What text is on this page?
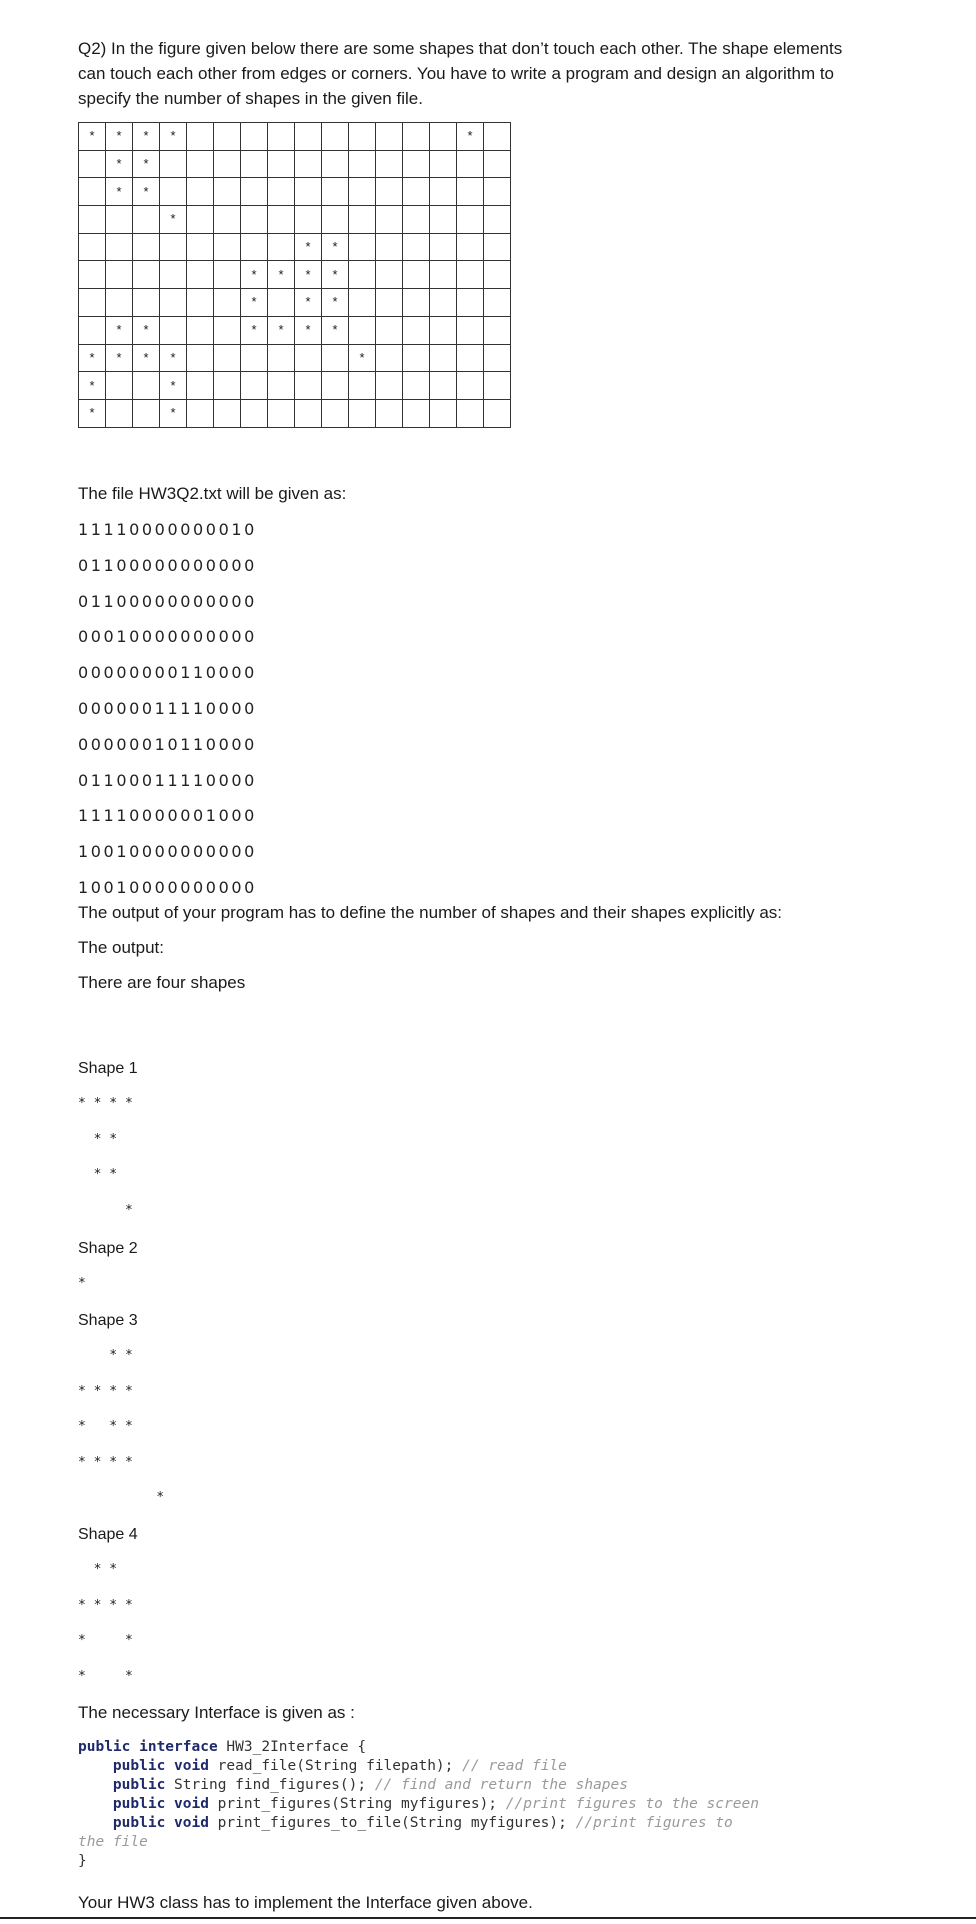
Q2) In the figure given below there are some shapes that don’t touch each other. The shape elements
can touch each other from edges or corners. You have to write a program and design an algorithm to
specify the number of shapes in the given file.
*	*	*	*											*	
	*	*													
	*	*													
			*												
								*	*						
						*	*	*	*						
						*		*	*						
	*	*				*	*	*	*						
*	*	*	*							*					
*			*												
*			*												
The file HW3Q2.txt will be given as:
11110000000010
01100000000000
01100000000000
00010000000000
00000000110000
00000011110000
00000010110000
01100011110000
11110000001000
10010000000000
10010000000000
The output of your program has to define the number of shapes and their shapes explicitly as:
The output:
There are four shapes
Shape 1
* * * *
* *
* *
*
Shape 2
*
Shape 3
* *
* * * *
*   * *
* * * *
*
Shape 4
* *
* * * *
*     *
*     *
The necessary Interface is given as :
public interface HW3_2Interface {
public void read_file(String filepath); // read file
public String find_figures(); // find and return the shapes
public void print_figures(String myfigures); //print figures to the screen
public void print_figures_to_file(String myfigures); //print figures to
the file
}
Your HW3 class has to implement the Interface given above.
